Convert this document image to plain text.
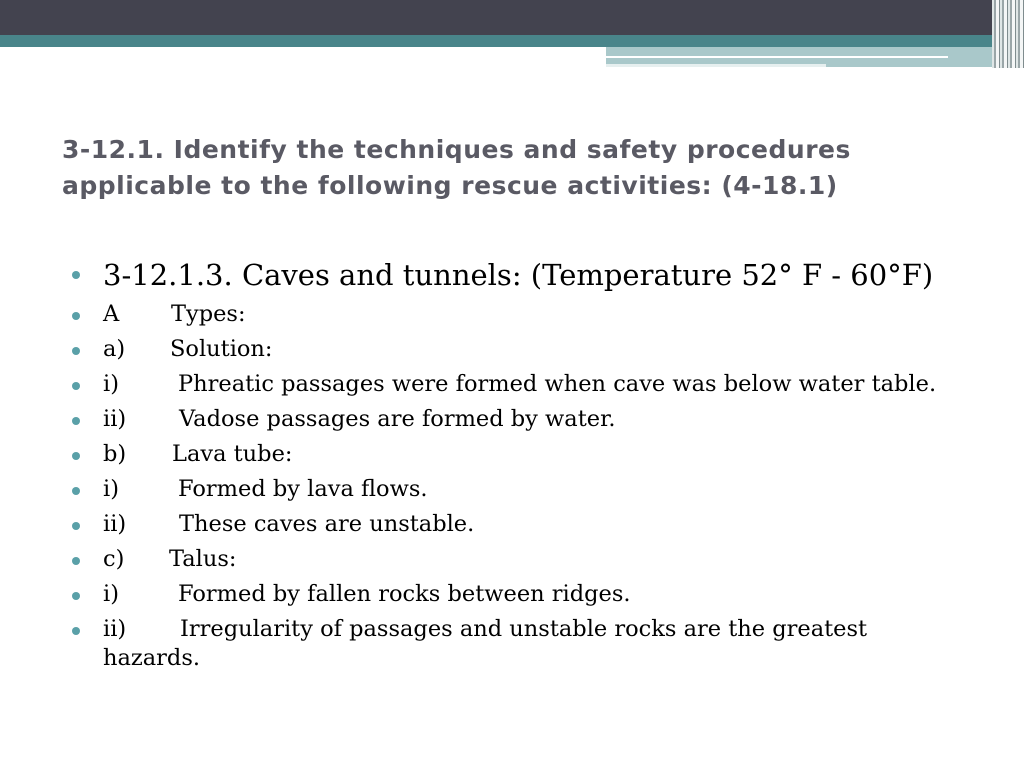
3-12.1. Identify the techniques and safety procedures
applicable to the following rescue activities: (4-18.1)
3-12.1.3. Caves and tunnels: (Temperature 52° F - 60°F)
A Types:
a) Solution:
i)	Phreatic passages were formed when cave was below water table.
ii) Vadose passages are formed by water.
b) Lava tube:
i)	Formed by lava flows.
ii) These caves are unstable.
c) Talus:
i)	Formed by fallen rocks between ridges.
ii) Irregularity of passages and unstable rocks are the greatest hazards.
